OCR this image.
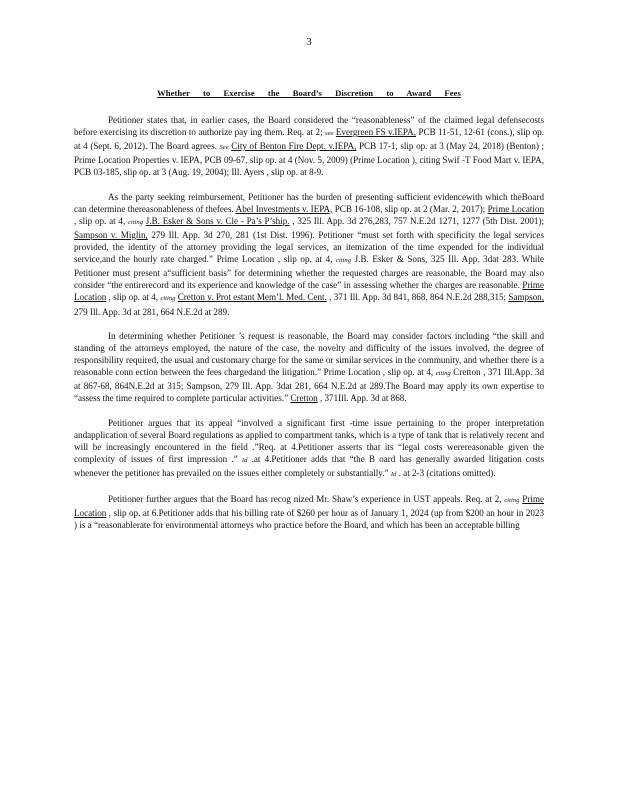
3
Whether to Exercise the Board’s Discretion to Award Fees

Petitioner states that, in earlier cases, the Board considered the “reasonableness” of the claimed legal defensecosts before exercising its discretion to authorize pay ing them. Req. at 2; see Evergreen FS v.IEPA, PCB 11-51, 12-61 (cons.), slip op. at 4 (Sept. 6, 2012). The Board agrees. See City of Benton Fire Dept. v.IEPA, PCB 17-1, slip op. at 3 (May 24, 2018) (Benton) ; Prime Location Properties v. IEPA, PCB 09-67, slip op. at 4 (Nov. 5, 2009) (Prime Location ), citing Swif -T Food Mart v. IEPA, PCB 03-185, slip op. at 3 (Aug. 19, 2004); Ill. Ayers , slip op. at 8-9.

As the party seeking reimbursement, Petitioner has the burden of presenting sufficient evidencewith which theBoard can determine thereasonableness of thefees. Abel Investments v. IEPA, PCB 16-108, slip op. at 2 (Mar. 2, 2017); Prime Location , slip op. at 4, citing J.B. Esker & Sons v. Cle - Pa’s P’ship. , 325 Ill. App. 3d 276,283, 757 N.E.2d 1271, 1277 (5th Dist. 2001); Sampson v. Miglin, 279 Ill. App. 3d 270, 281 (1st Dist. 1996). Petitioner “must set forth with specificity the legal services provided, the identity of the attorney providing the legal services, an itemization of the time expended for the individual service,and the hourly rate charged.” Prime Location , slip op. at 4, citing J.B. Esker & Sons, 325 Ill. App. 3dat 283. While Petitioner must present a“sufficient basis” for determining whether the requested charges are reasonable, the Board may also consider “the entirerecord and its experience and knowledge of the case” in assessing whether the charges are reasonable. Prime Location , slip op. at 4, citing Cretton v. Prot estant Mem’l. Med. Cent. , 371 Ill. App. 3d 841, 868, 864 N.E.2d 288,315; Sampson, 279 Ill. App. 3d at 281, 664 N.E.2d at 289.

In determining whether Petitioner ’s request is reasonable, the Board may consider factors including “the skill and standing of the attorneys employed, the nature of the case, the novelty and difficulty of the issues involved, the degree of responsibility required, the usual and customary charge for the same or similar services in the community, and whether there is a reasonable conn ection between the fees chargedand the litigation.” Prime Location , slip op. at 4, citing Cretton , 371 Ill.App. 3d at 867-68, 864N.E.2d at 315; Sampson, 279 Ill. App. 3dat 281, 664 N.E.2d at 289.The Board may apply its own expertise to “assess the time required to complete particular activities.” Cretton , 371Ill. App. 3d at 868.

Petitioner argues that its appeal “involved a significant first -time issue pertaining to the proper interpretation andapplication of several Board regulations as applied to compartment tanks, which is a type of tank that is relatively recent and will be increasingly encountered in the field .”Req. at 4.Petitioner asserts that its “legal costs werereasonable given the complexity of issues of first impression .” Id .at 4.Petitioner adds that “the B oard has generally awarded litigation costs whenever the petitioner has prevailed on the issues either completely or substantially.” Id . at 2-3 (citations omitted).

Petitioner further argues that the Board has recog nized Mr. Shaw’s experience in UST appeals. Req. at 2, citing Prime Location , slip op. at 6.Petitioner adds that his billing rate of $260 per hour as of January 1, 2024 (up from $200 an hour in 2023 ) is a “reasonablerate for environmental attorneys who practice before the Board, and which has been an acceptable billing
